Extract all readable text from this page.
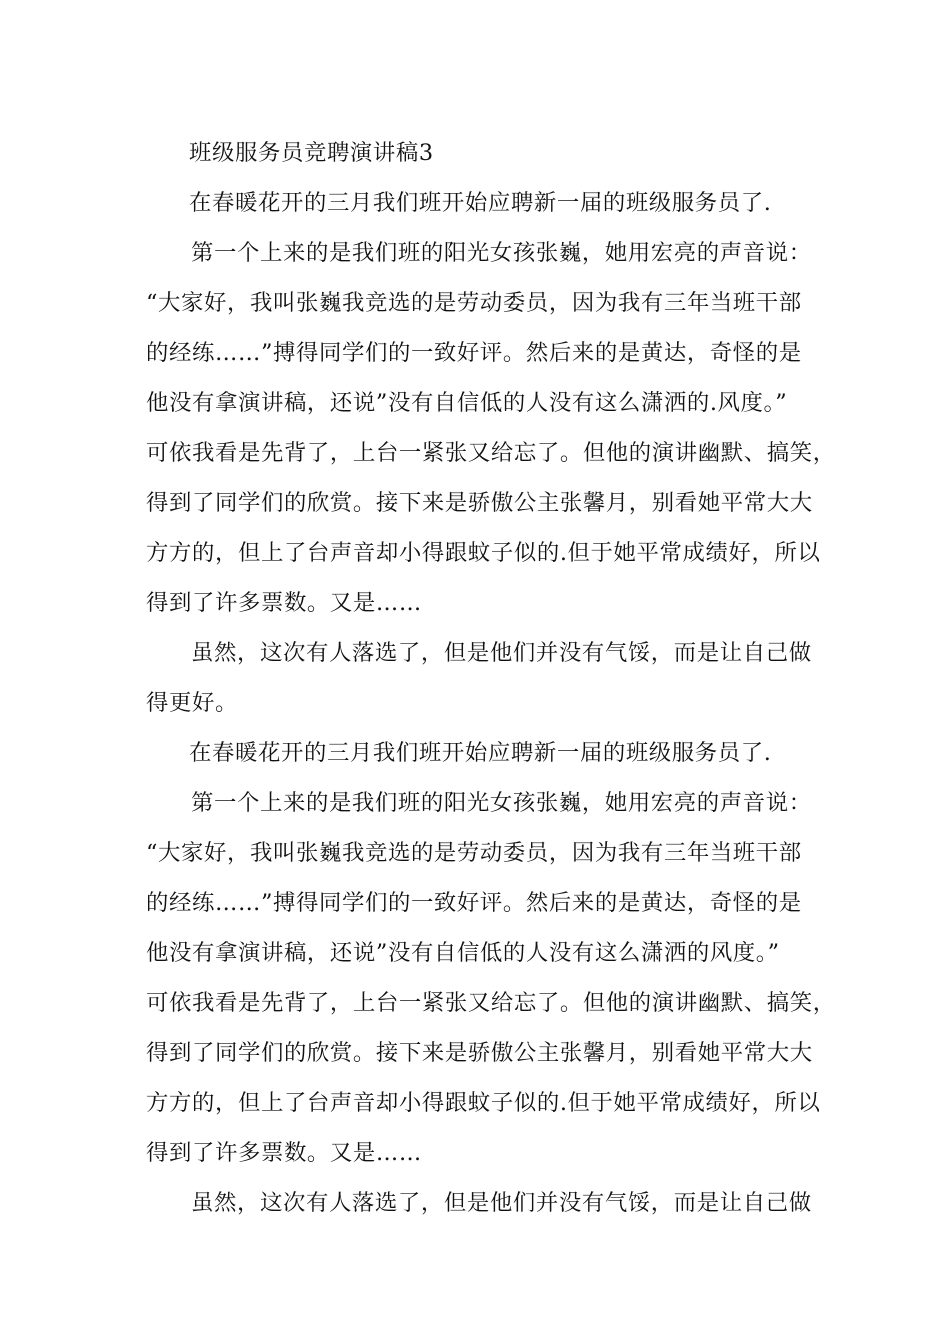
班级服务员竞聘演讲稿3
在春暖花开的三月我们班开始应聘新一届的班级服务员了.
第一个上来的是我们班的阳光女孩张巍，她用宏亮的声音说：
“大家好，我叫张巍我竞选的是劳动委员，因为我有三年当班干部
的经练……”搏得同学们的一致好评。然后来的是黄达，奇怪的是
他没有拿演讲稿，还说”没有自信低的人没有这么潇洒的.风度。”
可依我看是先背了，上台一紧张又给忘了。但他的演讲幽默、搞笑，
得到了同学们的欣赏。接下来是骄傲公主张馨月，别看她平常大大
方方的，但上了台声音却小得跟蚊子似的.但于她平常成绩好，所以
得到了许多票数。又是……
虽然，这次有人落选了，但是他们并没有气馁，而是让自己做
得更好。
在春暖花开的三月我们班开始应聘新一届的班级服务员了.
第一个上来的是我们班的阳光女孩张巍，她用宏亮的声音说：
“大家好，我叫张巍我竞选的是劳动委员，因为我有三年当班干部
的经练……”搏得同学们的一致好评。然后来的是黄达，奇怪的是
他没有拿演讲稿，还说”没有自信低的人没有这么潇洒的风度。”
可依我看是先背了，上台一紧张又给忘了。但他的演讲幽默、搞笑，
得到了同学们的欣赏。接下来是骄傲公主张馨月，别看她平常大大
方方的，但上了台声音却小得跟蚊子似的.但于她平常成绩好，所以
得到了许多票数。又是……
虽然，这次有人落选了，但是他们并没有气馁，而是让自己做
